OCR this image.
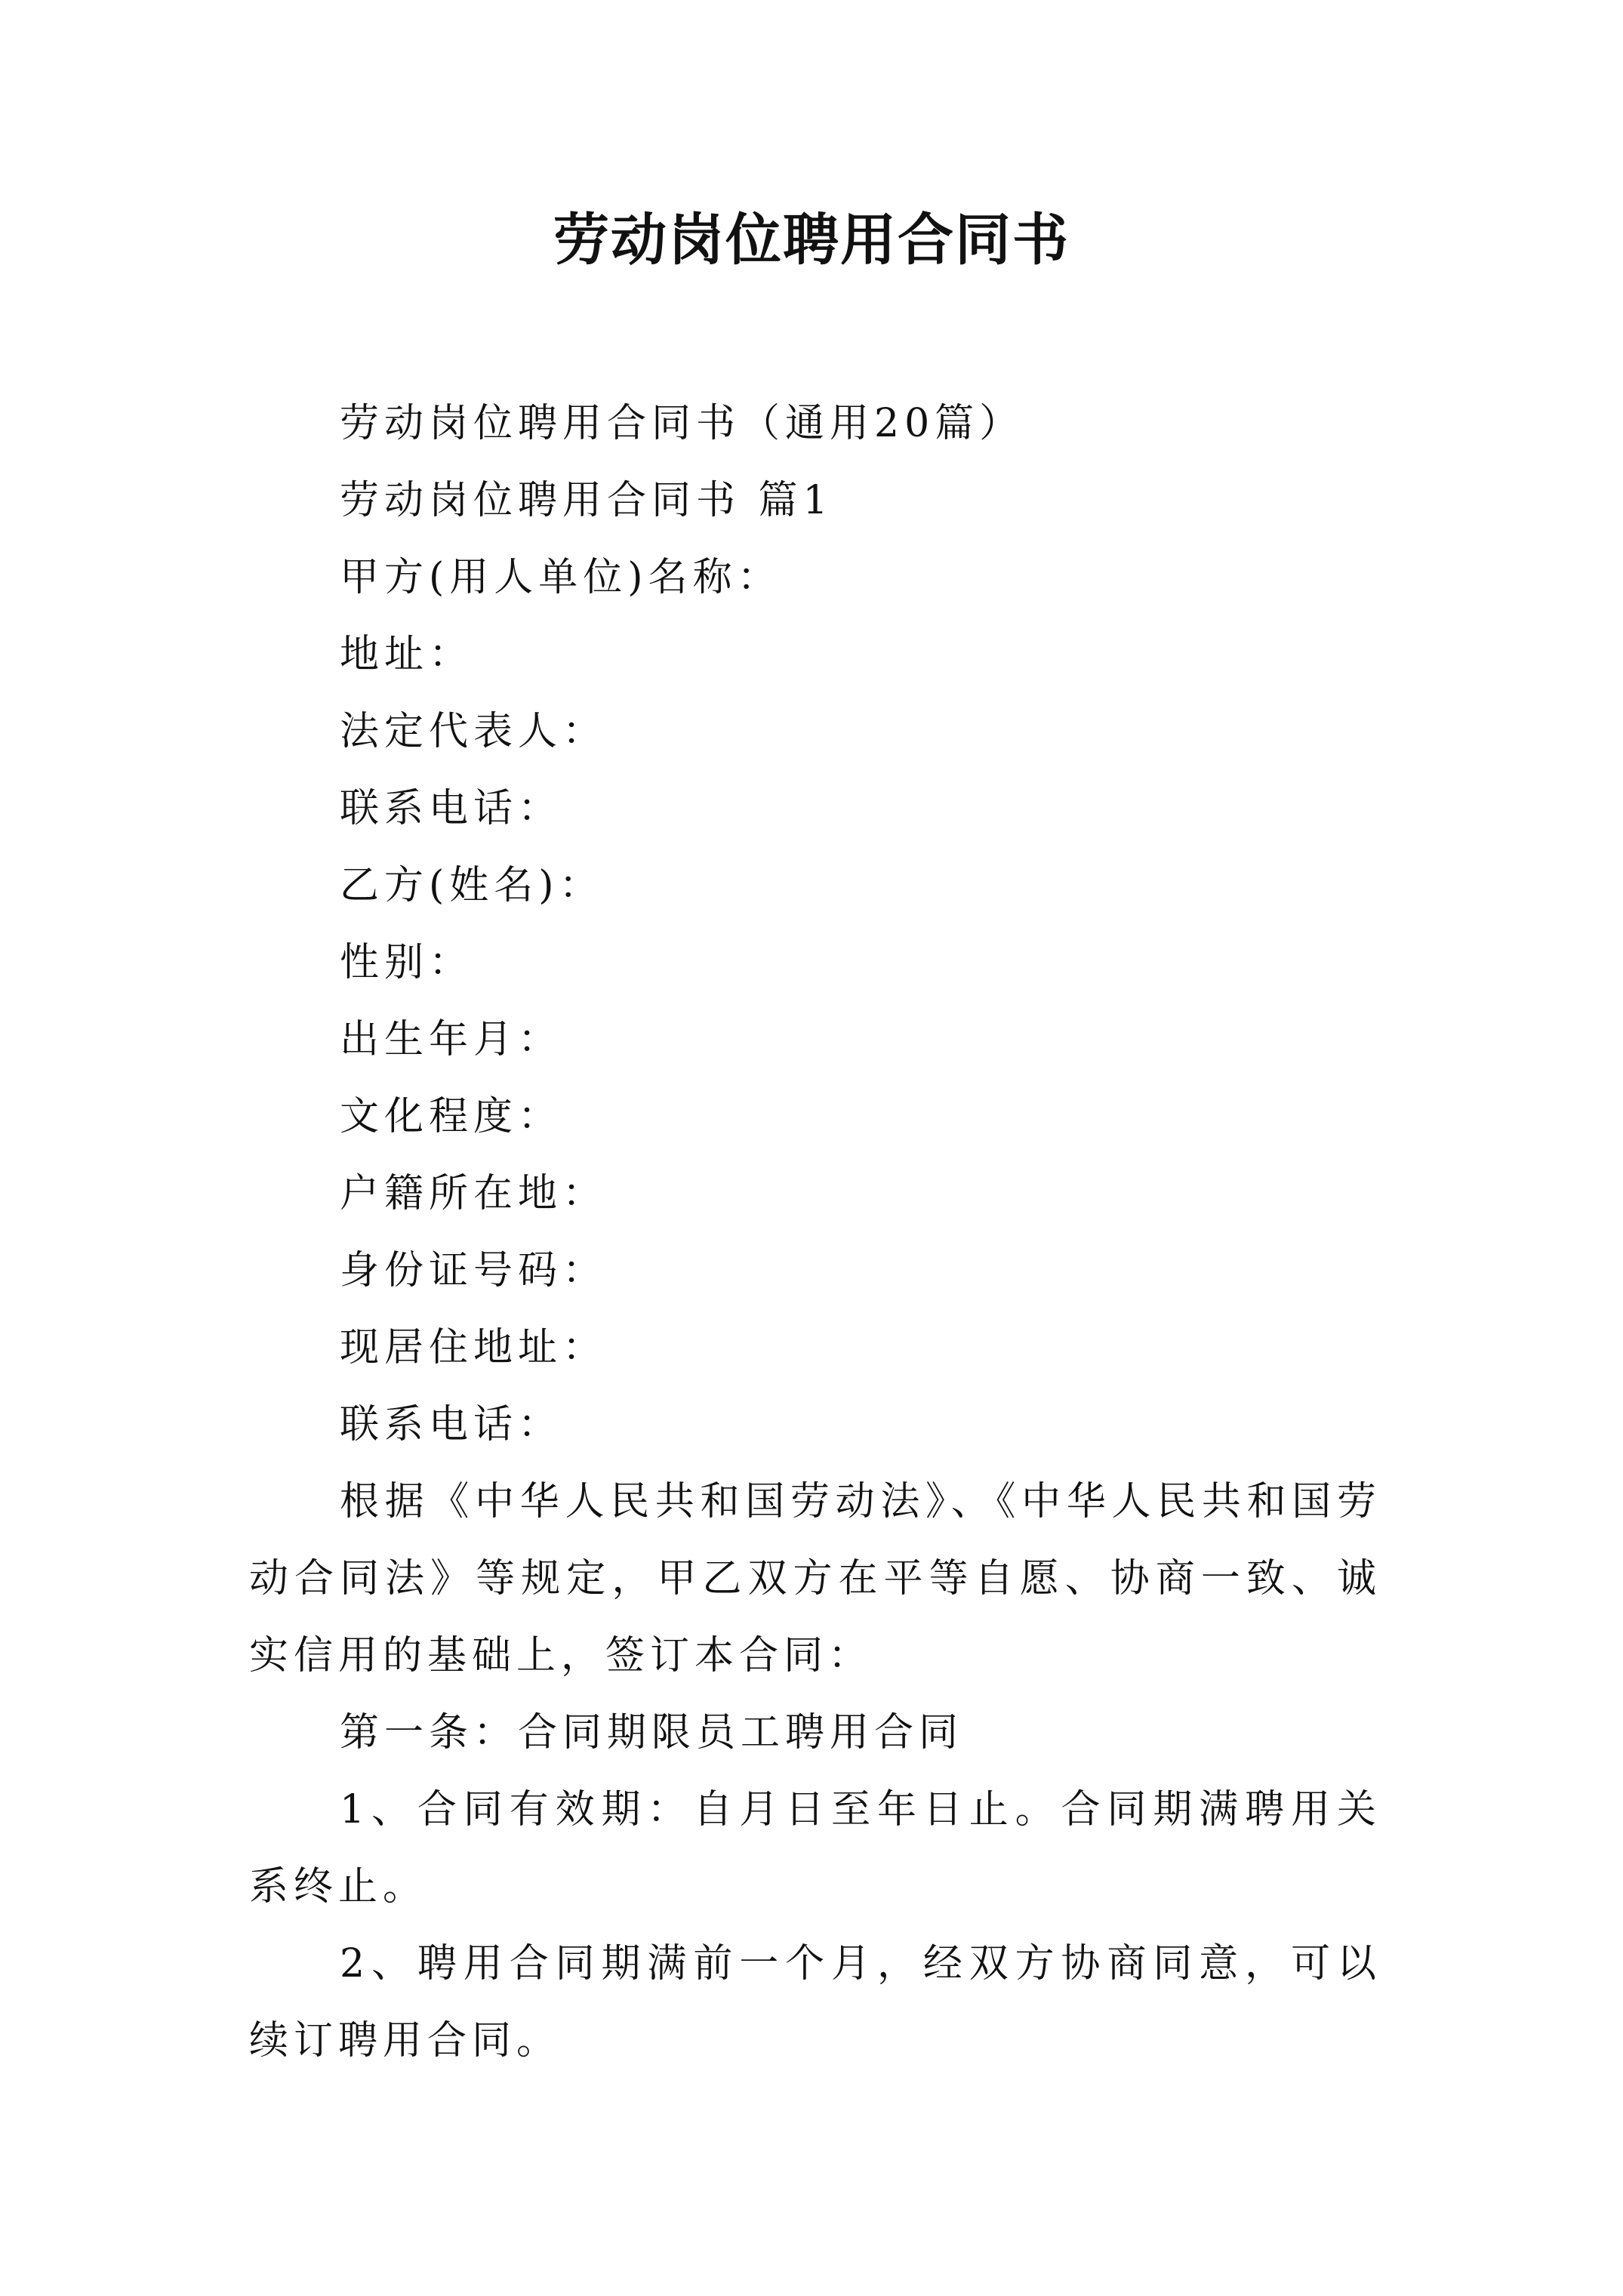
劳动岗位聘用合同书
劳动岗位聘用合同书（通用20篇）
劳动岗位聘用合同书 篇1
甲方(用人单位)名称：
地址：
法定代表人：
联系电话：
乙方(姓名)：
性别：
出生年月：
文化程度：
户籍所在地：
身份证号码：
现居住地址：
联系电话：
根据《中华人民共和国劳动法》、《中华人民共和国劳动合同法》等规定，甲乙双方在平等自愿、协商一致、诚实信用的基础上，签订本合同：
第一条：合同期限员工聘用合同
1、合同有效期：自月日至年日止。合同期满聘用关系终止。
2、聘用合同期满前一个月，经双方协商同意，可以续订聘用合同。
